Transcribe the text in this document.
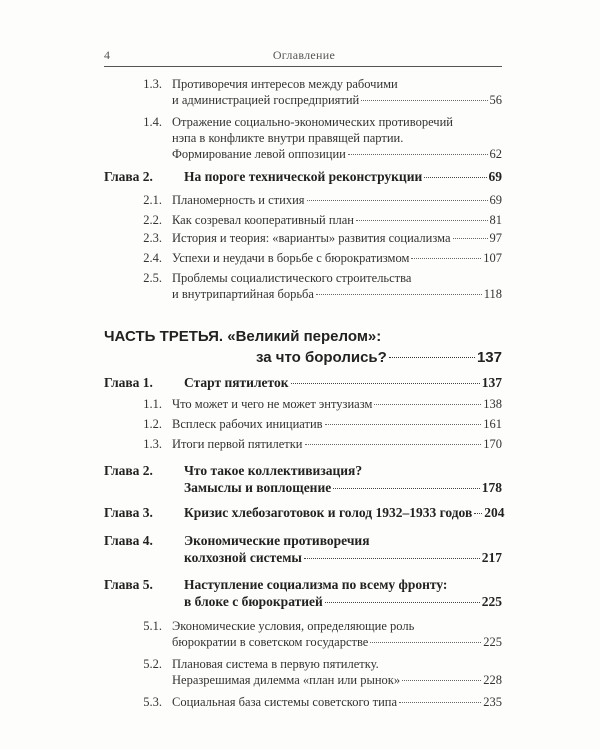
4	Оглавление
1.3. Противоречия интересов между рабочими
и администрацией госпредприятий	56
1.4. Отражение социально-экономических противоречий
нэпа в конфликте внутри правящей партии.
Формирование левой оппозиции	62
Глава 2.	На пороге технической реконструкции	69
2.1. Планомерность и стихия	69
2.2. Как созревал кооперативный план	81
2.3. История и теория: «варианты» развития социализма	97
2.4. Успехи и неудачи в борьбе с бюрократизмом	107
2.5. Проблемы социалистического строительства
и внутрипартийная борьба	118
ЧАСТЬ ТРЕТЬЯ. «Великий перелом»:
за что боролись?	137
Глава 1.	Старт пятилеток	137
1.1. Что может и чего не может энтузиазм	138
1.2. Всплеск рабочих инициатив	161
1.3. Итоги первой пятилетки	170
Глава 2.	Что такое коллективизация?
Замыслы и воплощение	178
Глава 3.	Кризис хлебозаготовок и голод 1932–1933 годов 204
Глава 4.	Экономические противоречия
колхозной системы	217
Глава 5.	Наступление социализма по всему фронту:
в блоке с бюрократией	225
5.1. Экономические условия, определяющие роль
бюрократии в советском государстве	225
5.2. Плановая система в первую пятилетку.
Неразрешимая дилемма «план или рынок»	228
5.3. Социальная база системы советского типа	235
